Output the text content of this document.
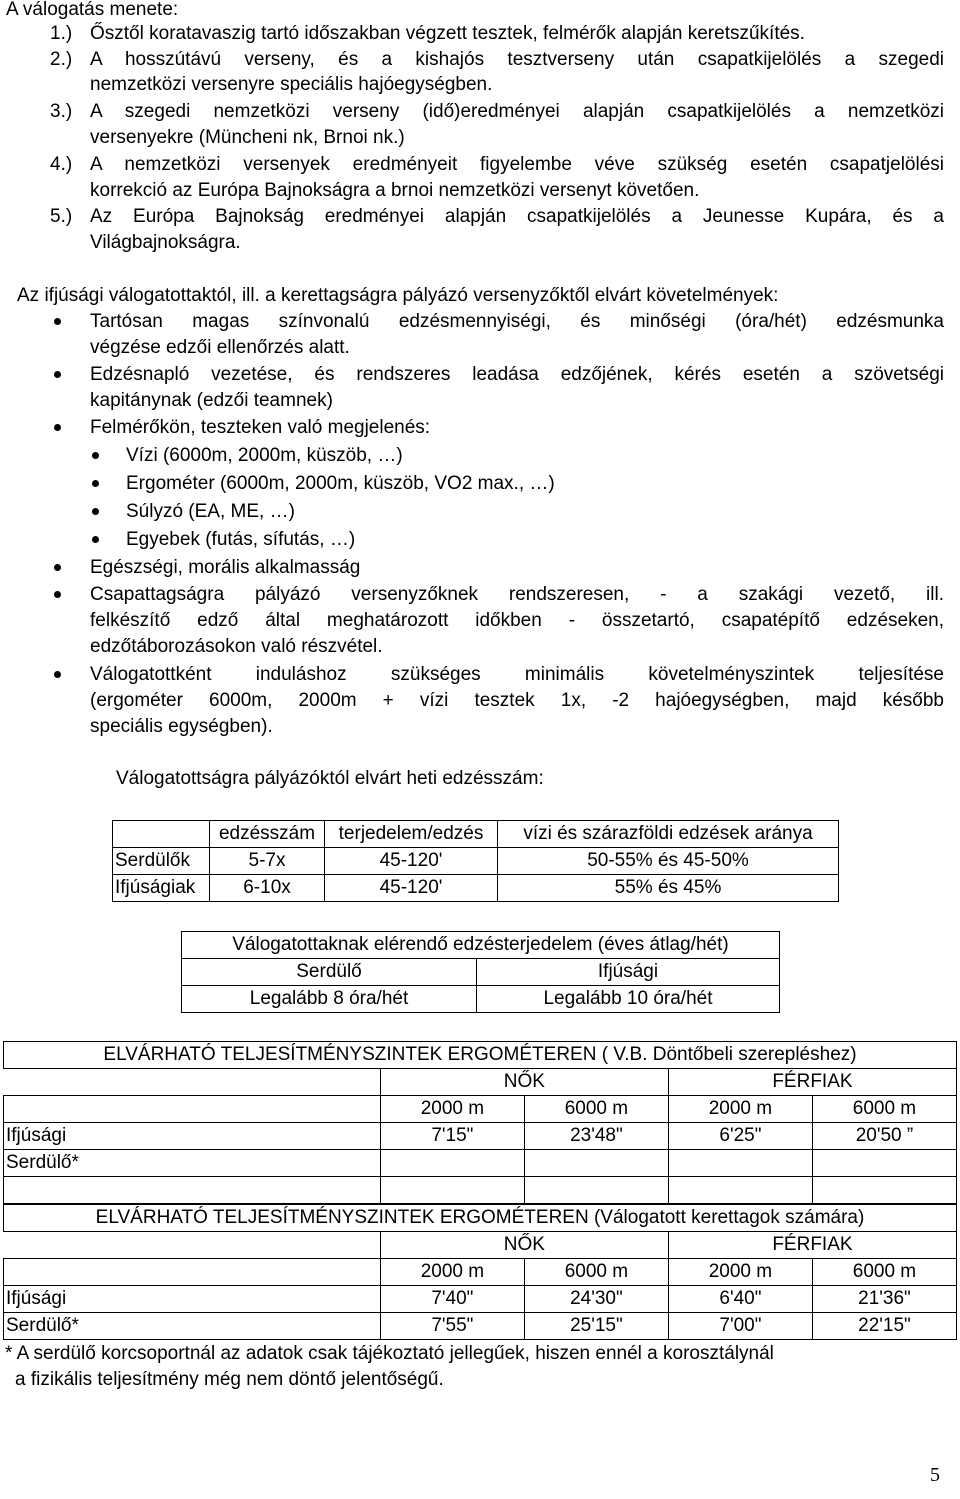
A válogatás menete:
1.) Ősztől koratavaszig tartó időszakban végzett tesztek, felmérők alapján keretszűkítés.
2.) A hosszútávú verseny, és a kishajós tesztverseny után csapatkijelölés a szegedi
nemzetközi versenyre speciális hajóegységben.
3.) A szegedi nemzetközi verseny (idő)eredményei alapján csapatkijelölés a nemzetközi
versenyekre (Müncheni nk, Brnoi nk.)
4.) A nemzetközi versenyek eredményeit figyelembe véve szükség esetén csapatjelölési
korrekció az Európa Bajnokságra a brnoi nemzetközi versenyt követően.
5.) Az Európa Bajnokság eredményei alapján csapatkijelölés a Jeunesse Kupára, és a
Világbajnokságra.
Az ifjúsági válogatottaktól, ill. a kerettagságra pályázó versenyzőktől elvárt követelmények:
Tartósan magas színvonalú edzésmennyiségi, és minőségi (óra/hét) edzésmunka
végzése edzői ellenőrzés alatt.
Edzésnapló vezetése, és rendszeres leadása edzőjének, kérés esetén a szövetségi
kapitánynak (edzői teamnek)
Felmérőkön, teszteken való megjelenés:
Vízi (6000m, 2000m, küszöb, …)
Ergométer (6000m, 2000m, küszöb, VO2 max., …)
Súlyzó (EA, ME, …)
Egyebek (futás, sífutás, …)
Egészségi, morális alkalmasság
Csapattagságra pályázó versenyzőknek rendszeresen, - a szakági vezető, ill.
felkészítő edző által meghatározott időkben - összetartó, csapatépítő edzéseken,
edzőtáborozásokon való részvétel.
Válogatottként induláshoz szükséges minimális követelményszintek teljesítése
(ergométer 6000m, 2000m + vízi tesztek 1x, -2 hajóegységben, majd később
speciális egységben).
Válogatottságra pályázóktól elvárt heti edzésszám:
	edzésszám	terjedelem/edzés	vízi és szárazföldi edzések aránya
Serdülők	5-7x	45-120'	50-55% és 45-50%
Ifjúságiak	6-10x	45-120'	55% és 45%
Válogatottaknak elérendő edzésterjedelem (éves átlag/hét)	
Serdülő	Ifjúsági
Legalább 8 óra/hét	Legalább 10 óra/hét
ELVÁRHATÓ TELJESÍTMÉNYSZINTEK ERGOMÉTEREN ( V.B. Döntőbeli szerepléshez)				
	NŐK		FÉRFIAK	
	2000 m	6000 m	2000 m	6000 m
Ifjúsági	7'15"	23'48"	6'25"	20'50 ”
Serdülő*				

ELVÁRHATÓ TELJESÍTMÉNYSZINTEK ERGOMÉTEREN (Válogatott kerettagok számára)				
	NŐK		FÉRFIAK	
	2000 m	6000 m	2000 m	6000 m
Ifjúsági	7'40"	24'30"	6'40"	21'36"
Serdülő*	7'55"	25'15"	7'00"	22'15"
* A serdülő korcsoportnál az adatok csak tájékoztató jellegűek, hiszen ennél a korosztálynál
a fizikális teljesítmény még nem döntő jelentőségű.
5
